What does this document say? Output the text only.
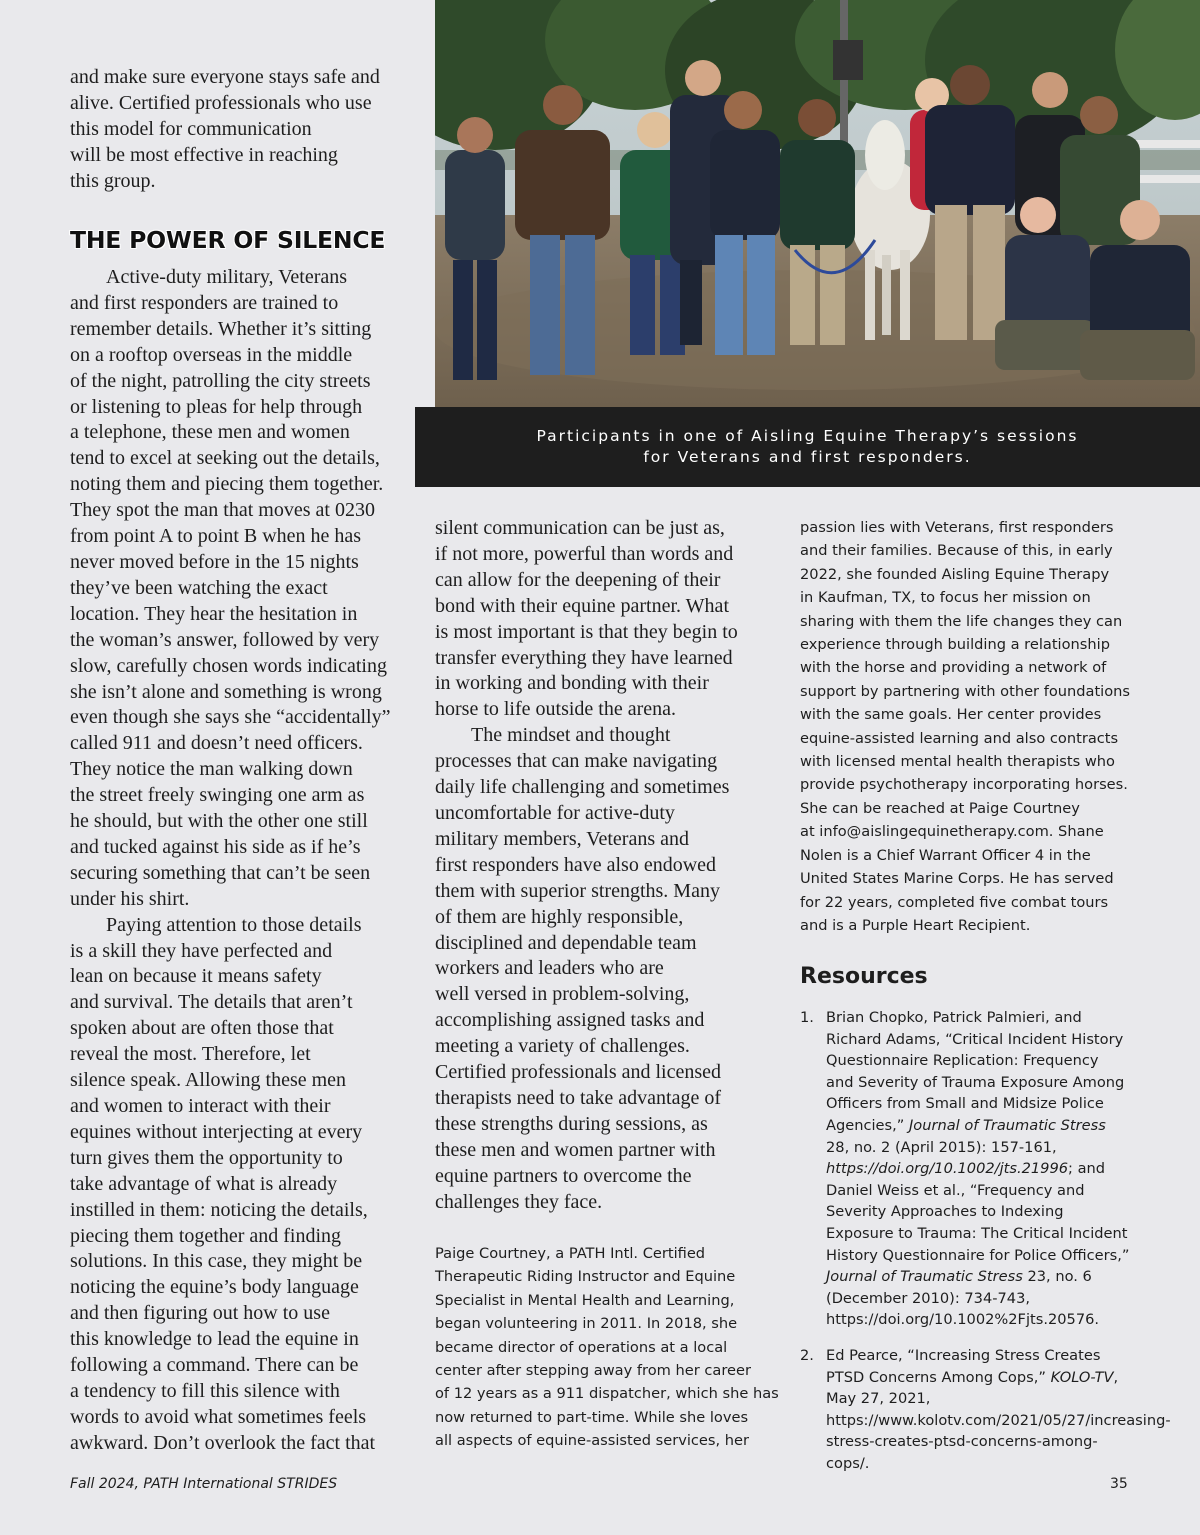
Participants in one of Aisling Equine Therapy’s sessions
for Veterans and first responders.
and make sure everyone stays safe and
alive. Certified professionals who use
this model for communication
will be most effective in reaching
this group.
THE POWER OF SILENCE
Active-duty military, Veterans
and first responders are trained to
remember details. Whether it’s sitting
on a rooftop overseas in the middle
of the night, patrolling the city streets
or listening to pleas for help through
a telephone, these men and women
tend to excel at seeking out the details,
noting them and piecing them together.
They spot the man that moves at 0230
from point A to point B when he has
never moved before in the 15 nights
they’ve been watching the exact
location. They hear the hesitation in
the woman’s answer, followed by very
slow, carefully chosen words indicating
she isn’t alone and something is wrong
even though she says she “accidentally”
called 911 and doesn’t need officers.
They notice the man walking down
the street freely swinging one arm as
he should, but with the other one still
and tucked against his side as if he’s
securing something that can’t be seen
under his shirt.
Paying attention to those details
is a skill they have perfected and
lean on because it means safety
and survival. The details that aren’t
spoken about are often those that
reveal the most. Therefore, let
silence speak. Allowing these men
and women to interact with their
equines without interjecting at every
turn gives them the opportunity to
take advantage of what is already
instilled in them: noticing the details,
piecing them together and finding
solutions. In this case, they might be
noticing the equine’s body language
and then figuring out how to use
this knowledge to lead the equine in
following a command. There can be
a tendency to fill this silence with
words to avoid what sometimes feels
awkward. Don’t overlook the fact that
silent communication can be just as,
if not more, powerful than words and
can allow for the deepening of their
bond with their equine partner. What
is most important is that they begin to
transfer everything they have learned
in working and bonding with their
horse to life outside the arena.
The mindset and thought
processes that can make navigating
daily life challenging and sometimes
uncomfortable for active-duty
military members, Veterans and
first responders have also endowed
them with superior strengths. Many
of them are highly responsible,
disciplined and dependable team
workers and leaders who are
well versed in problem-solving,
accomplishing assigned tasks and
meeting a variety of challenges.
Certified professionals and licensed
therapists need to take advantage of
these strengths during sessions, as
these men and women partner with
equine partners to overcome the
challenges they face.
Paige Courtney, a PATH Intl. Certified
Therapeutic Riding Instructor and Equine
Specialist in Mental Health and Learning,
began volunteering in 2011. In 2018, she
became director of operations at a local
center after stepping away from her career
of 12 years as a 911 dispatcher, which she has
now returned to part-time. While she loves
all aspects of equine-assisted services, her
passion lies with Veterans, first responders
and their families. Because of this, in early
2022, she founded Aisling Equine Therapy
in Kaufman, TX, to focus her mission on
sharing with them the life changes they can
experience through building a relationship
with the horse and providing a network of
support by partnering with other foundations
with the same goals. Her center provides
equine-assisted learning and also contracts
with licensed mental health therapists who
provide psychotherapy incorporating horses.
She can be reached at Paige Courtney
at info@aislingequinetherapy.com. Shane
Nolen is a Chief Warrant Officer 4 in the
United States Marine Corps. He has served
for 22 years, completed five combat tours
and is a Purple Heart Recipient.
Resources
1. Brian Chopko, Patrick Palmieri, and Richard Adams, “Critical Incident History Questionnaire Replication: Frequency and Severity of Trauma Exposure Among Officers from Small and Midsize Police Agencies,” Journal of Traumatic Stress 28, no. 2 (April 2015): 157-161, https://doi.org/10.1002/jts.21996; and Daniel Weiss et al., “Frequency and Severity Approaches to Indexing Exposure to Trauma: The Critical Incident History Questionnaire for Police Officers,” Journal of Traumatic Stress 23, no. 6 (December 2010): 734-743, https://doi.org/10.1002%2Fjts.20576.
2. Ed Pearce, “Increasing Stress Creates PTSD Concerns Among Cops,” KOLO-TV, May 27, 2021, https://www.kolotv.com/2021/05/27/increasing-stress-creates-ptsd-concerns-among-cops/.
Fall 2024, PATH International STRIDES	35
